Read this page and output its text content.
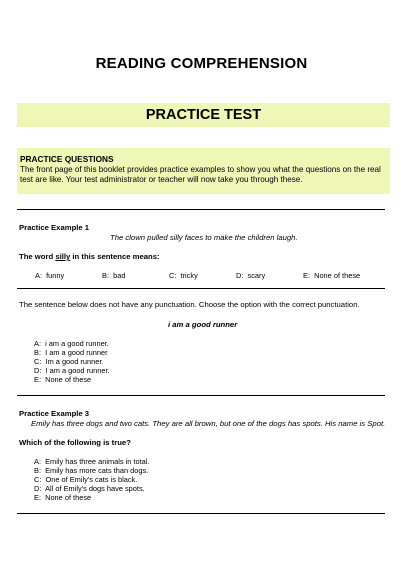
READING COMPREHENSION
PRACTICE TEST
PRACTICE QUESTIONS
The front page of this booklet provides practice examples to show you what the questions on the real
test are like. Your test administrator or teacher will now take you through these.
Practice Example 1
The clown pulled silly faces to make the children laugh.
The word silly in this sentence means:
A:  funny	B:  bad	C:  tricky	D:  scary	E:  None of these
The sentence below does not have any punctuation. Choose the option with the correct punctuation.
i am a good runner
A:  i am a good runner.
B:  I am a good runner
C:  Im a good runner.
D:  I am a good runner.
E:  None of these
Practice Example 3
Emily has three dogs and two cats. They are all brown, but one of the dogs has spots. His name is Spot.
Which of the following is true?
A:  Emily has three animals in total.
B:  Emily has more cats than dogs.
C:  One of Emily's cats is black.
D:  All of Emily's dogs have spots.
E:  None of these
